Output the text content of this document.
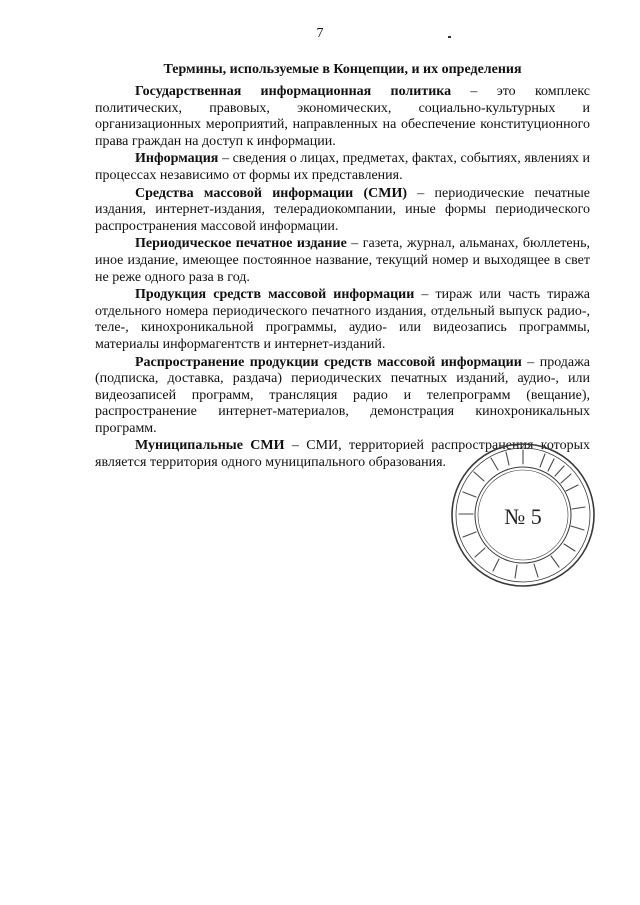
7
Термины, используемые в Концепции, и их определения

Государственная информационная политика – это комплекс политических, правовых, экономических, социально-культурных и организационных мероприятий, направленных на обеспечение конституционного права граждан на доступ к информации.

Информация – сведения о лицах, предметах, фактах, событиях, явлениях и процессах независимо от формы их представления.

Средства массовой информации (СМИ) – периодические печатные издания, интернет-издания, телерадиокомпании, иные формы периодического распространения массовой информации.

Периодическое печатное издание – газета, журнал, альманах, бюллетень, иное издание, имеющее постоянное название, текущий номер и выходящее в свет не реже одного раза в год.

Продукция средств массовой информации – тираж или часть тиража отдельного номера периодического печатного издания, отдельный выпуск радио-, теле-, кинохроникальной программы, аудио- или видеозапись программы, материалы информагентств и интернет-изданий.

Распространение продукции средств массовой информации – продажа (подписка, доставка, раздача) периодических печатных изданий, аудио-, или видеозаписей программ, трансляция радио и телепрограмм (вещание), распространение интернет-материалов, демонстрация кинохроникальных программ.

Муниципальные СМИ – СМИ, территорией распространения которых является территория одного муниципального образования.

№ 5
